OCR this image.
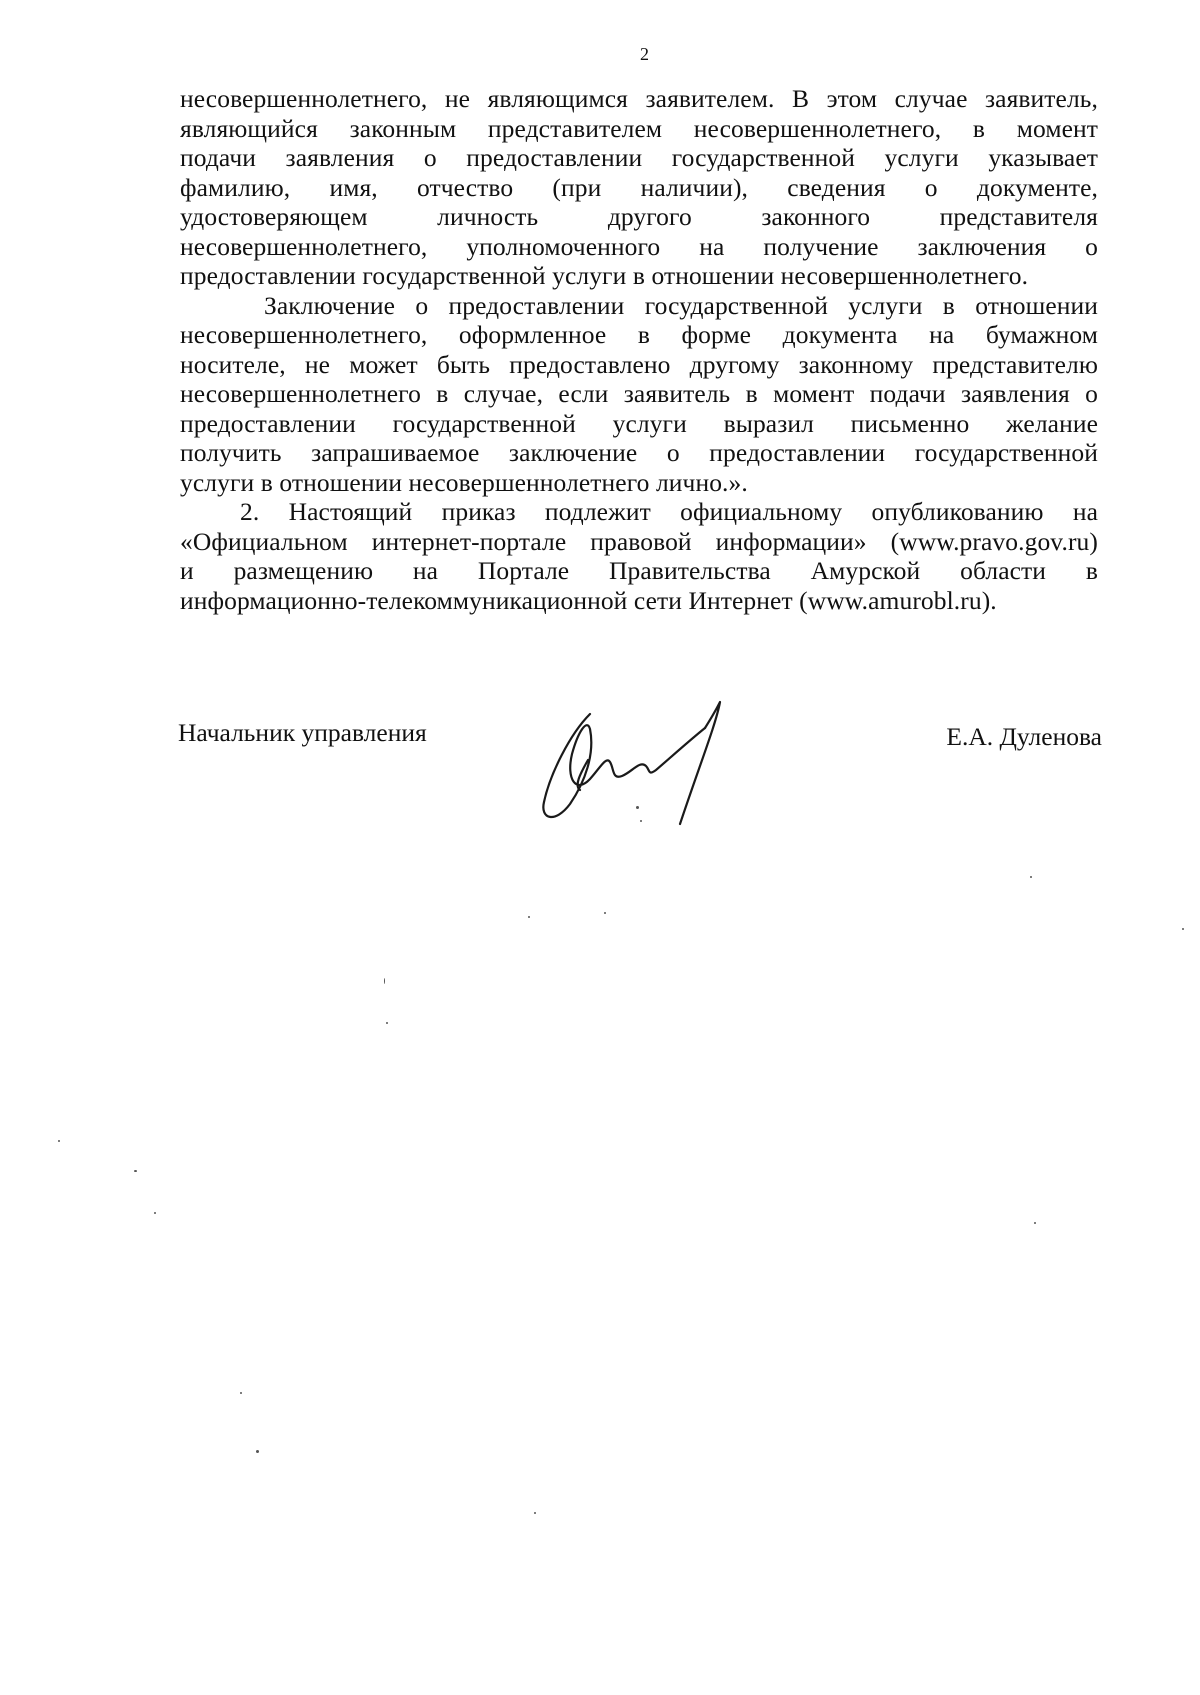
2
несовершеннолетнего, не являющимся заявителем. В этом случае заявитель,
являющийся законным представителем несовершеннолетнего, в момент
подачи заявления о предоставлении государственной услуги указывает
фамилию, имя, отчество (при наличии), сведения о документе,
удостоверяющем личность другого законного представителя
несовершеннолетнего, уполномоченного на получение заключения о
предоставлении государственной услуги в отношении несовершеннолетнего.
Заключение о предоставлении государственной услуги в отношении
несовершеннолетнего, оформленное в форме документа на бумажном
носителе, не может быть предоставлено другому законному представителю
несовершеннолетнего в случае, если заявитель в момент подачи заявления о
предоставлении государственной услуги выразил письменно желание
получить запрашиваемое заключение о предоставлении государственной
услуги в отношении несовершеннолетнего лично.».
2. Настоящий приказ подлежит официальному опубликованию на
«Официальном интернет-портале правовой информации» (www.pravo.gov.ru)
и размещению на Портале Правительства Амурской области в
информационно-телекоммуникационной сети Интернет (www.amurobl.ru).
Начальник управления	Е.А. Дуленова
